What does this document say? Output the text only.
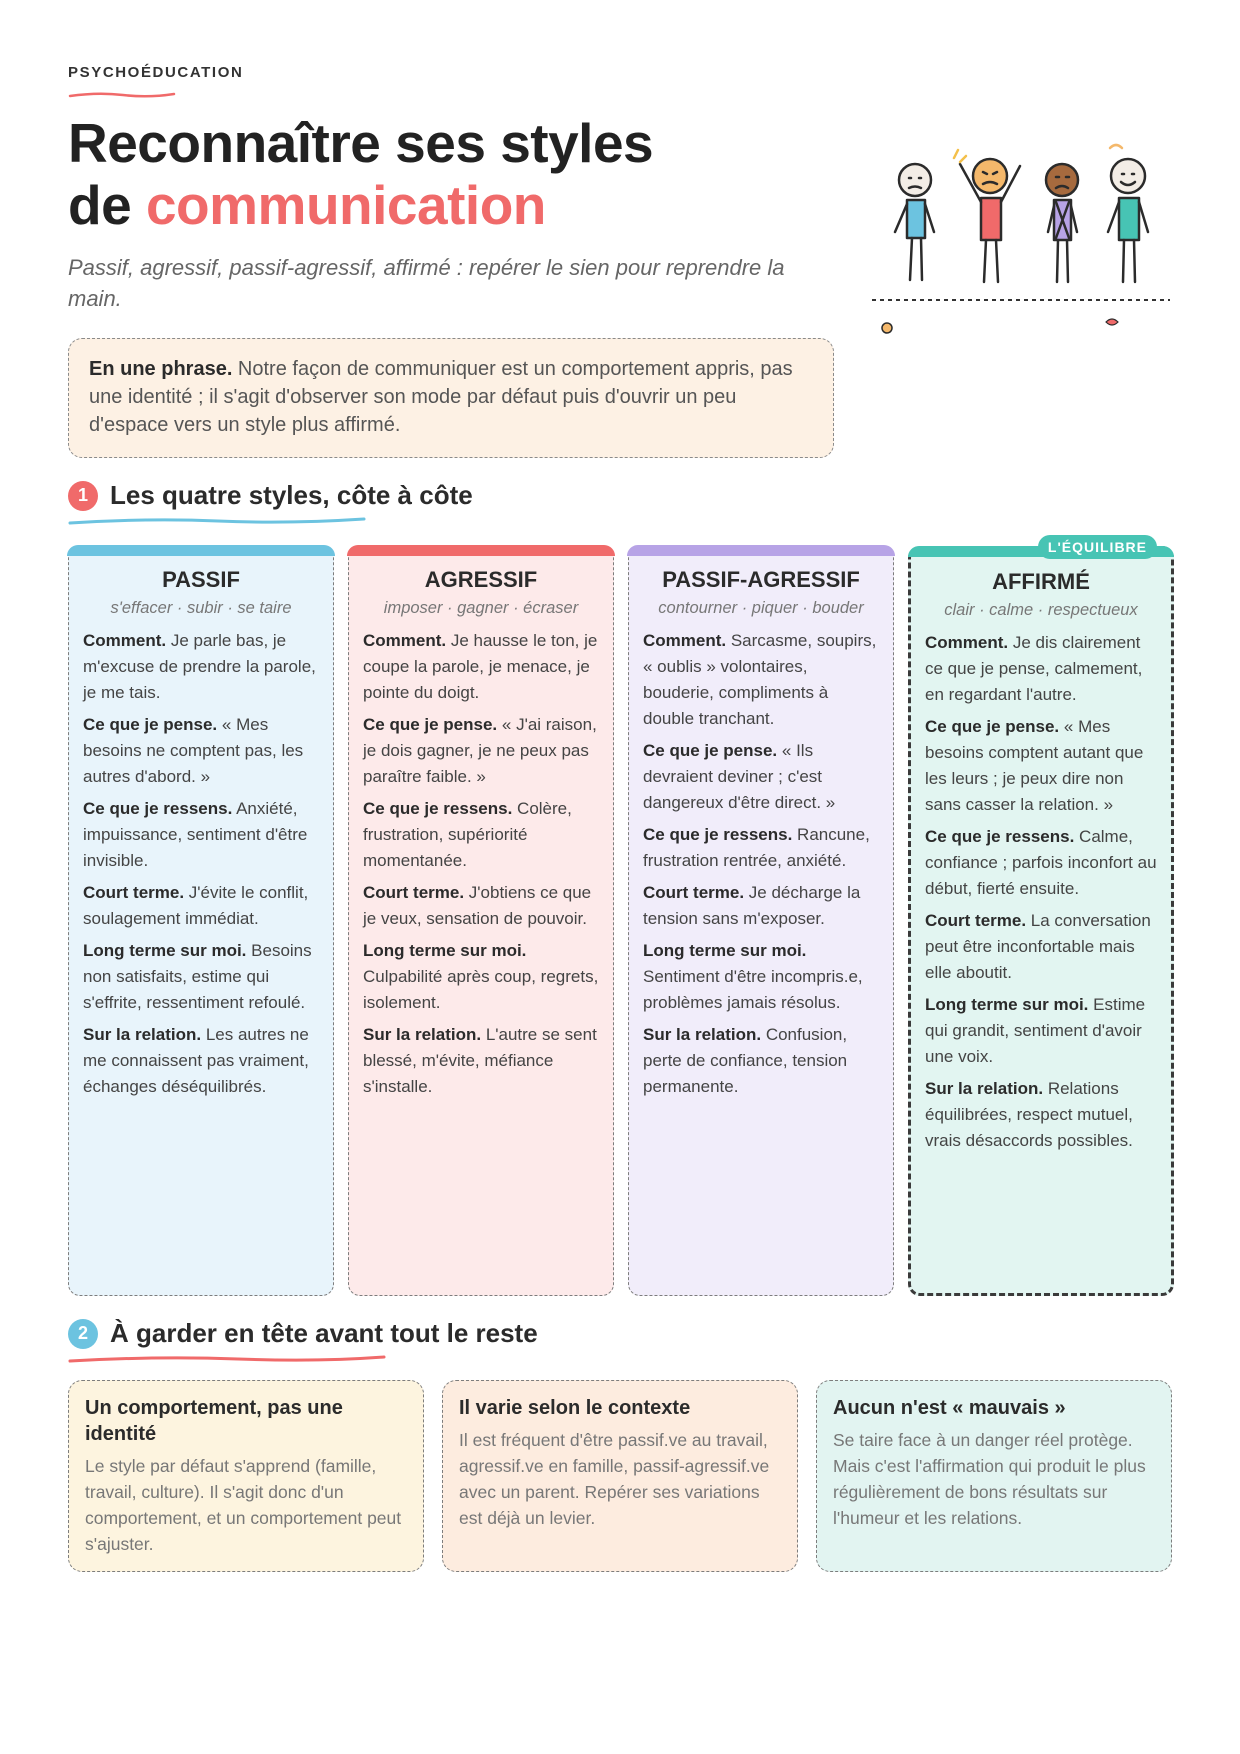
PSYCHOÉDUCATION
Reconnaître ses styles
de communication
Passif, agressif, passif-agressif, affirmé : repérer le sien pour reprendre la main.
En une phrase. Notre façon de communiquer est un comportement appris, pas une identité ; il s'agit d'observer son mode par défaut puis d'ouvrir un peu d'espace vers un style plus affirmé.
1 Les quatre styles, côte à côte
PASSIF
s'effacer · subir · se taire

Comment. Je parle bas, je m'excuse de prendre la parole, je me tais.

Ce que je pense. « Mes besoins ne comptent pas, les autres d'abord. »

Ce que je ressens. Anxiété, impuissance, sentiment d'être invisible.

Court terme. J'évite le conflit, soulagement immédiat.

Long terme sur moi. Besoins non satisfaits, estime qui s'effrite, ressentiment refoulé.

Sur la relation. Les autres ne me connaissent pas vraiment, échanges déséquilibrés.

AGRESSIF
imposer · gagner · écraser

Comment. Je hausse le ton, je coupe la parole, je menace, je pointe du doigt.

Ce que je pense. « J'ai raison, je dois gagner, je ne peux pas paraître faible. »

Ce que je ressens. Colère, frustration, supériorité momentanée.

Court terme. J'obtiens ce que je veux, sensation de pouvoir.

Long terme sur moi. Culpabilité après coup, regrets, isolement.

Sur la relation. L'autre se sent blessé, m'évite, méfiance s'installe.

PASSIF-AGRESSIF
contourner · piquer · bouder

Comment. Sarcasme, soupirs, « oublis » volontaires, bouderie, compliments à double tranchant.

Ce que je pense. « Ils devraient deviner ; c'est dangereux d'être direct. »

Ce que je ressens. Rancune, frustration rentrée, anxiété.

Court terme. Je décharge la tension sans m'exposer.

Long terme sur moi. Sentiment d'être incompris.e, problèmes jamais résolus.

Sur la relation. Confusion, perte de confiance, tension permanente.

L'ÉQUILIBRE
AFFIRMÉ
clair · calme · respectueux

Comment. Je dis clairement ce que je pense, calmement, en regardant l'autre.

Ce que je pense. « Mes besoins comptent autant que les leurs ; je peux dire non sans casser la relation. »

Ce que je ressens. Calme, confiance ; parfois inconfort au début, fierté ensuite.

Court terme. La conversation peut être inconfortable mais elle aboutit.

Long terme sur moi. Estime qui grandit, sentiment d'avoir une voix.

Sur la relation. Relations équilibrées, respect mutuel, vrais désaccords possibles.

2 À garder en tête avant tout le reste
Un comportement, pas une identité

Le style par défaut s'apprend (famille, travail, culture). Il s'agit donc d'un comportement, et un comportement peut s'ajuster.

Il varie selon le contexte

Il est fréquent d'être passif.ve au travail, agressif.ve en famille, passif-agressif.ve avec un parent. Repérer ses variations est déjà un levier.

Aucun n'est « mauvais »

Se taire face à un danger réel protège. Mais c'est l'affirmation qui produit le plus régulièrement de bons résultats sur l'humeur et les relations.
